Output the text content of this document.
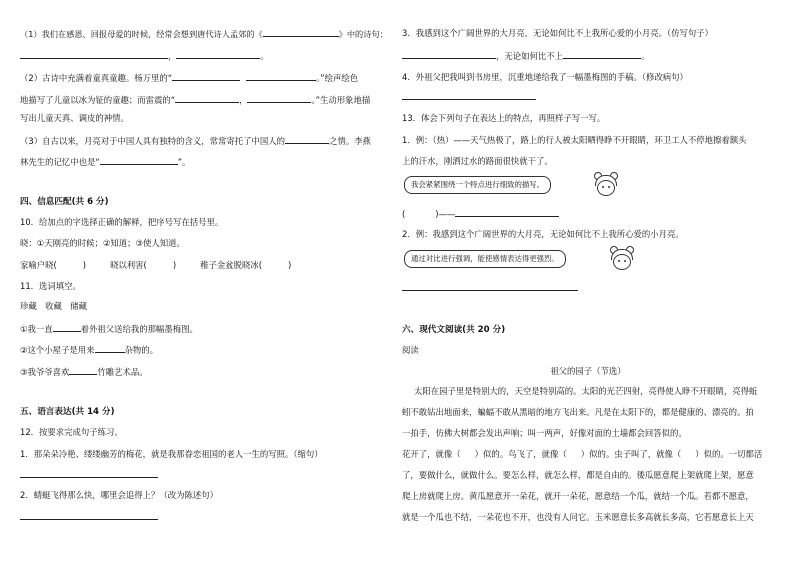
（1）我们在感恩、回报母爱的时候，经常会想到唐代诗人孟郊的《	》中的诗句：
，	。
（2）古诗中充满着童真童趣。杨万里的“	。”绘声绘色
地描写了儿童以冰为钲的童趣；而雷震的“	，	。”生动形象地描
写出儿童天真、调皮的神情。
（3）自古以来，月亮对于中国人具有独特的含义，常常寄托了中国人的	之情。李燕
林先生的记忆中也是“	”。
四、信息匹配(共 6 分)
10．给加点的字选择正确的解释，把序号写在括号里。
晓：①天刚亮的时候；②知道；③使人知道。
家喻户晓(	)	晓以利害(	)	稚子金盆脱晓冰(	)
11．选词填空。
珍藏　收藏　储藏
①我一直	着外祖父送给我的那幅墨梅图。
②这个小屋子是用来	杂物的。
③我爷爷喜欢	竹雕艺术品。
五、语言表达(共 14 分)
12．按要求完成句子练习。
1．那朵朵冷艳、缕缕幽芳的梅花，就是我那眷恋祖国的老人一生的写照。（缩句）
2．蜻蜓飞得那么快，哪里会追得上？（改为陈述句）
3．我感到这个广阔世界的大月亮，无论如何比不上我所心爱的小月亮。（仿写句子）
，无论如何比不上	。
4．外祖父把我叫到书房里，沉重地递给我了一幅墨梅图的手稿。（修改病句）
13．体会下列句子在表达上的特点，再照样子写一写。
1．例：（热）——天气热极了，路上的行人被太阳晒得睁不开眼睛，环卫工人不停地擦着额头
上的汗水，刚洒过水的路面很快就干了。
我会紧紧围绕一个特点进行细致的描写。
(	)——
2．例：我感到这个广阔世界的大月亮，无论如何比不上我所心爱的小月亮。
通过对比进行强调，能使感情表达得更强烈。
六、现代文阅读(共 20 分)
阅读
祖父的园子（节选）
太阳在园子里是特别大的，天空是特别高的。太阳的光芒四射，亮得使人睁不开眼睛，亮得蚯
蚓不敢钻出地面来，蝙蝠不敢从黑暗的地方飞出来。凡是在太阳下的，都是健康的、漂亮的。拍
一拍手，仿佛大树都会发出声响；叫一两声，好像对面的土墙都会回答似的。
花开了，就像（ ）似的。鸟飞了，就像（ ）似的。虫子叫了，就像（ ）似的。一切都活
了，要做什么，就做什么。要怎么样，就怎么样，都是自由的。倭瓜愿意爬上架就爬上架，愿意
爬上房就爬上房。黄瓜愿意开一朵花，就开一朵花，愿意结一个瓜，就结一个瓜。若都不愿意，
就是一个瓜也不结，一朵花也不开，也没有人问它。玉米愿意长多高就长多高，它若愿意长上天
